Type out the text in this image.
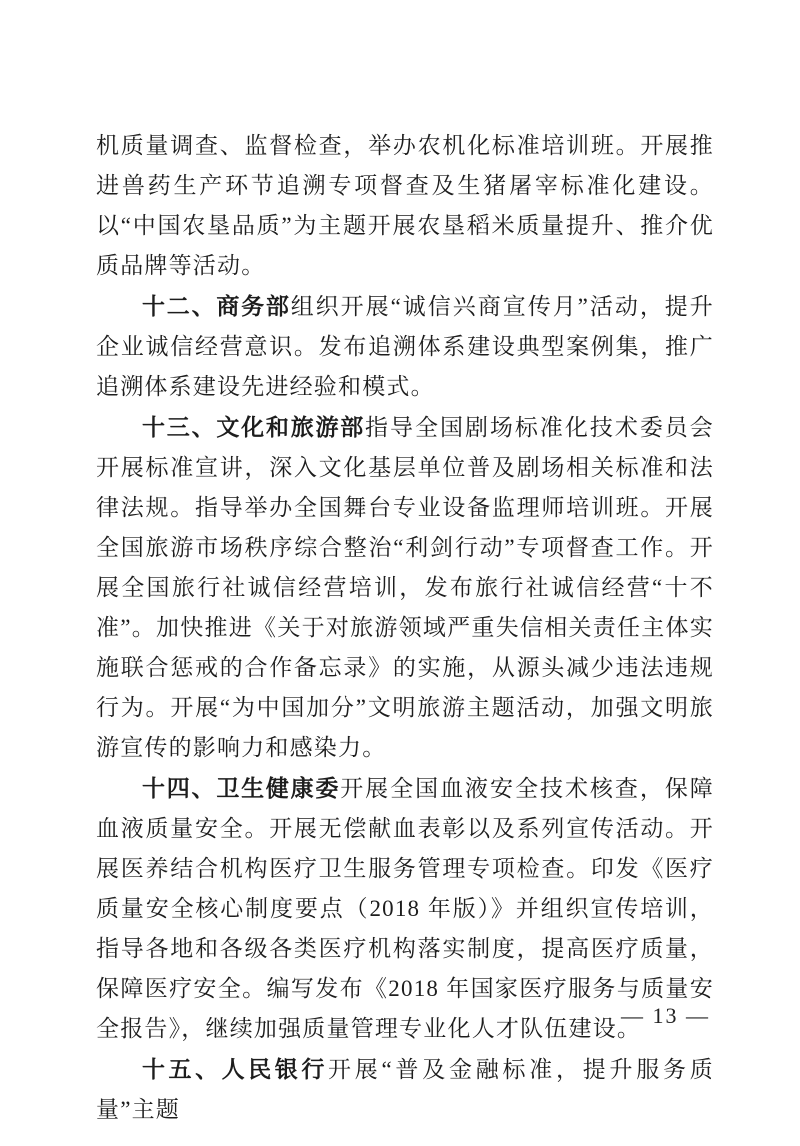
机质量调查、监督检查，举办农机化标准培训班。开展推进兽药生产环节追溯专项督查及生猪屠宰标准化建设。以“中国农垦品质”为主题开展农垦稻米质量提升、推介优质品牌等活动。

十二、商务部组织开展“诚信兴商宣传月”活动，提升企业诚信经营意识。发布追溯体系建设典型案例集，推广追溯体系建设先进经验和模式。

十三、文化和旅游部指导全国剧场标准化技术委员会开展标准宣讲，深入文化基层单位普及剧场相关标准和法律法规。指导举办全国舞台专业设备监理师培训班。开展全国旅游市场秩序综合整治“利剑行动”专项督查工作。开展全国旅行社诚信经营培训，发布旅行社诚信经营“十不准”。加快推进《关于对旅游领域严重失信相关责任主体实施联合惩戒的合作备忘录》的实施，从源头减少违法违规行为。开展“为中国加分”文明旅游主题活动，加强文明旅游宣传的影响力和感染力。

十四、卫生健康委开展全国血液安全技术核查，保障血液质量安全。开展无偿献血表彰以及系列宣传活动。开展医养结合机构医疗卫生服务管理专项检查。印发《医疗质量安全核心制度要点（2018 年版）》并组织宣传培训，指导各地和各级各类医疗机构落实制度，提高医疗质量，保障医疗安全。编写发布《2018 年国家医疗服务与质量安全报告》，继续加强质量管理专业化人才队伍建设。

十五、人民银行开展“普及金融标准，提升服务质量”主题

— 13 —
